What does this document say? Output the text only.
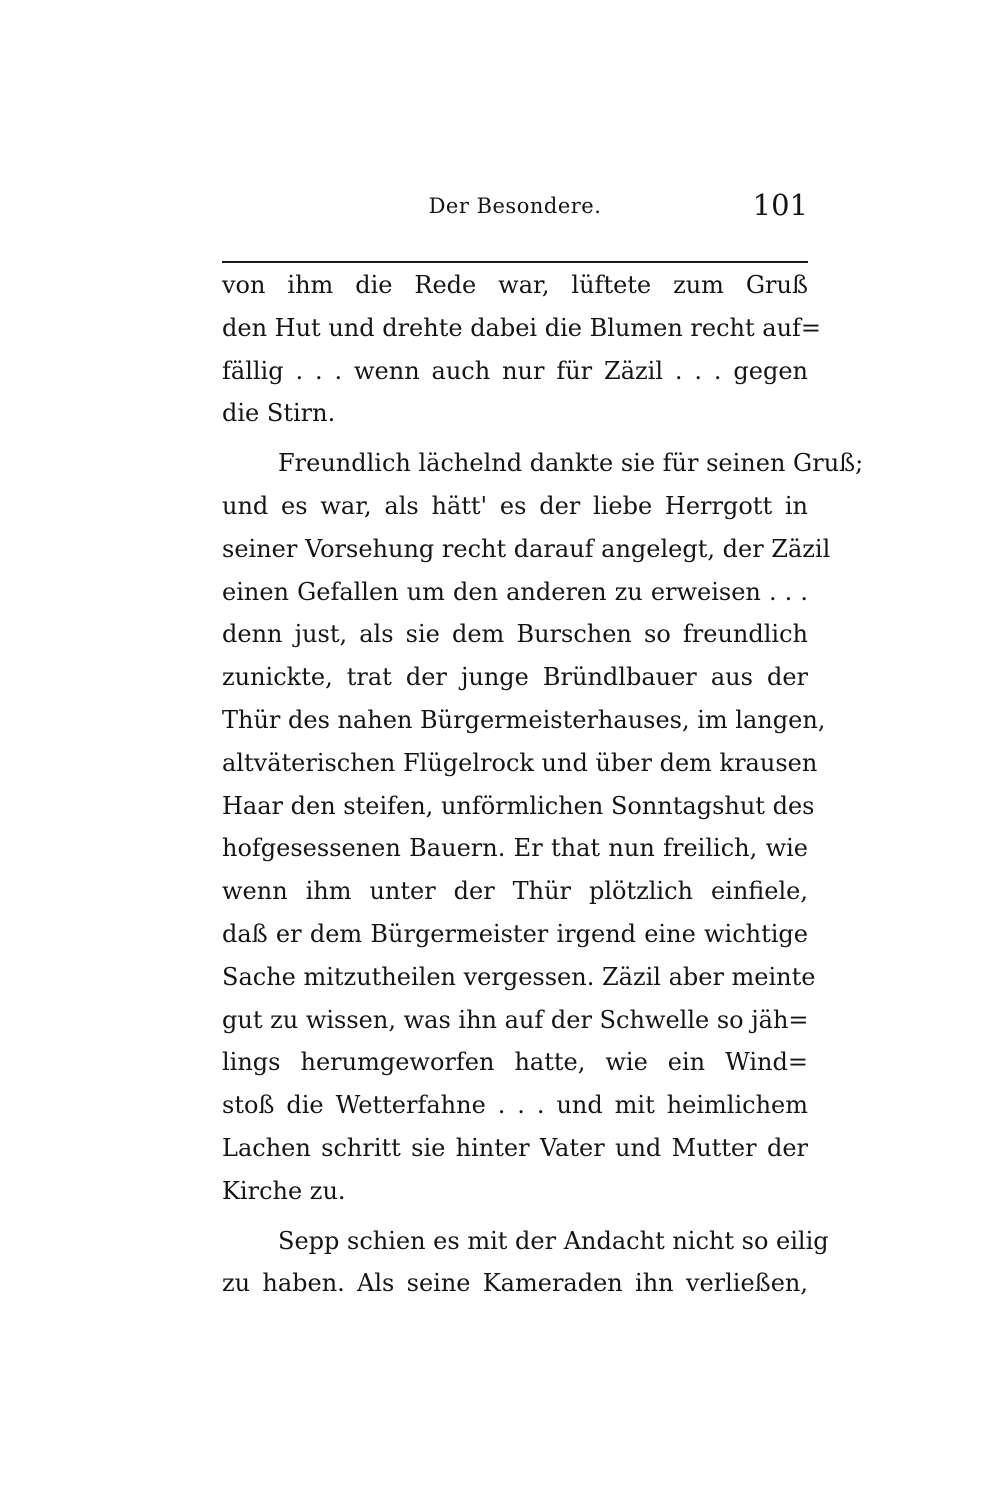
Der Besondere.	101
von ihm die Rede war, lüftete zum Gruß
den Hut und drehte dabei die Blumen recht auf=
fällig . . . wenn auch nur für Zäzil . . . gegen
die Stirn.
Freundlich lächelnd dankte sie für seinen Gruß;
und es war, als hätt' es der liebe Herrgott in
seiner Vorsehung recht darauf angelegt, der Zäzil
einen Gefallen um den anderen zu erweisen . . .
denn just, als sie dem Burschen so freundlich
zunickte, trat der junge Bründlbauer aus der
Thür des nahen Bürgermeisterhauses, im langen,
altväterischen Flügelrock und über dem krausen
Haar den steifen, unförmlichen Sonntagshut des
hofgesessenen Bauern. Er that nun freilich, wie
wenn ihm unter der Thür plötzlich einfiele,
daß er dem Bürgermeister irgend eine wichtige
Sache mitzutheilen vergessen. Zäzil aber meinte
gut zu wissen, was ihn auf der Schwelle so jäh=
lings herumgeworfen hatte, wie ein Wind=
stoß die Wetterfahne . . . und mit heimlichem
Lachen schritt sie hinter Vater und Mutter der
Kirche zu.
Sepp schien es mit der Andacht nicht so eilig
zu haben. Als seine Kameraden ihn verließen,
